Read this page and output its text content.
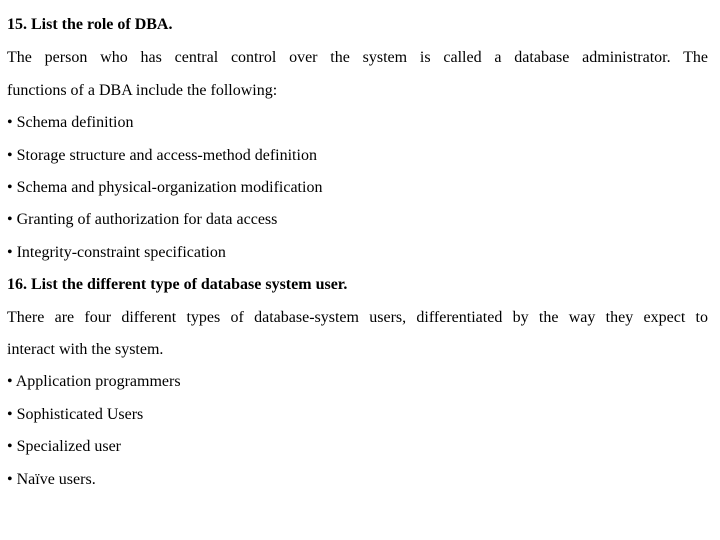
15. List the role of DBA.
The person who has central control over the system is called a database administrator. The
functions of a DBA include the following:
• Schema definition
• Storage structure and access-method definition
• Schema and physical-organization modification
• Granting of authorization for data access
• Integrity-constraint specification
16. List the different type of database system user.
There are four different types of database-system users, differentiated by the way they expect to
interact with the system.
• Application programmers
• Sophisticated Users
• Specialized user
• Naïve users.
